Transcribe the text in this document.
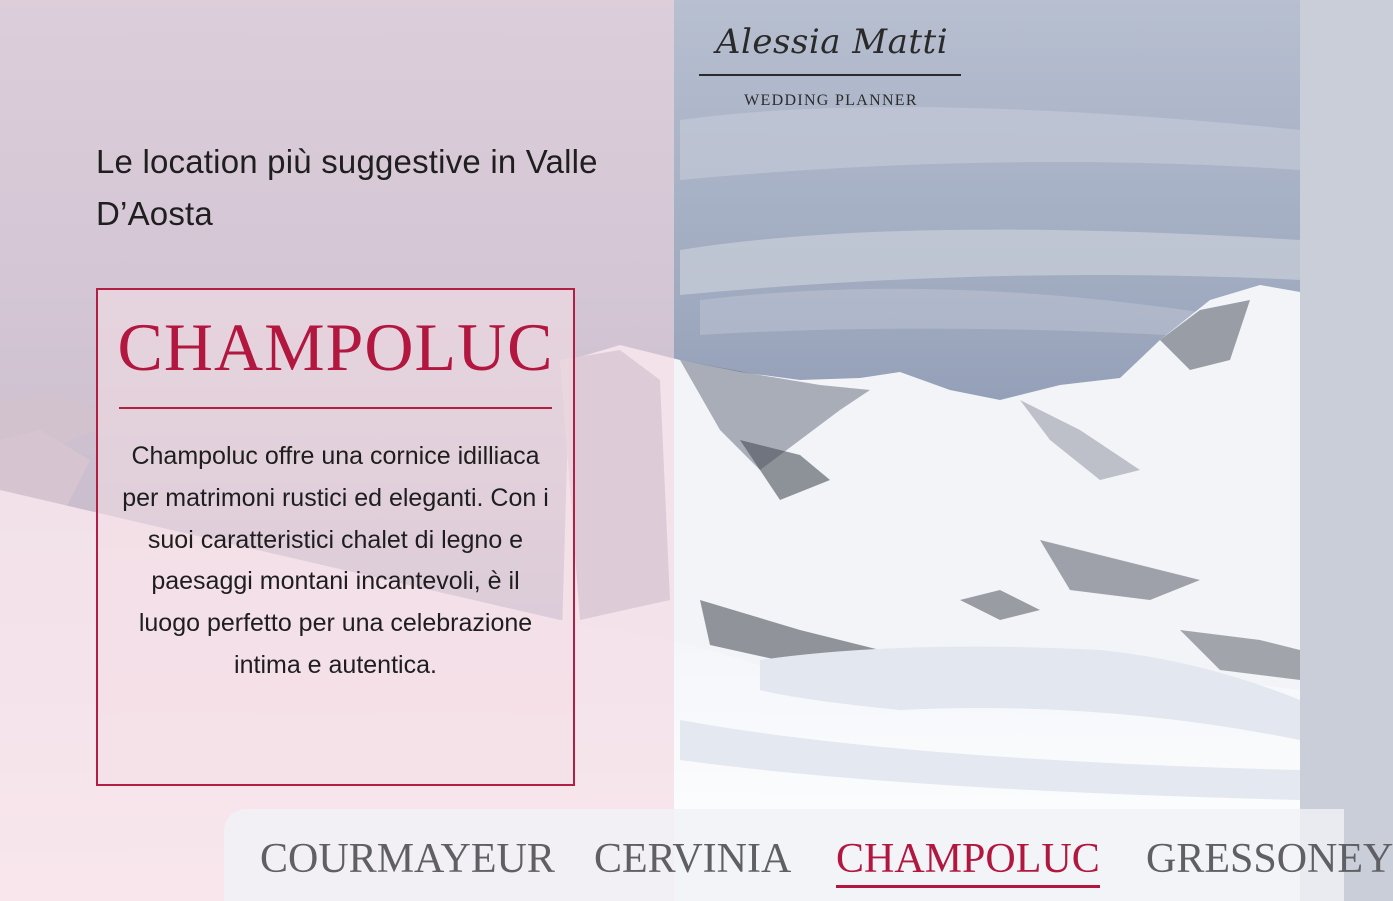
Alessia Matti
WEDDING PLANNER
Le location più suggestive in Valle D’Aosta
CHAMPOLUC
Champoluc offre una cornice idilliaca per matrimoni rustici ed eleganti. Con i suoi caratteristici chalet di legno e paesaggi montani incantevoli, è il luogo perfetto per una celebrazione intima e autentica.
COURMAYEUR CERVINIA CHAMPOLUC GRESSONEY
